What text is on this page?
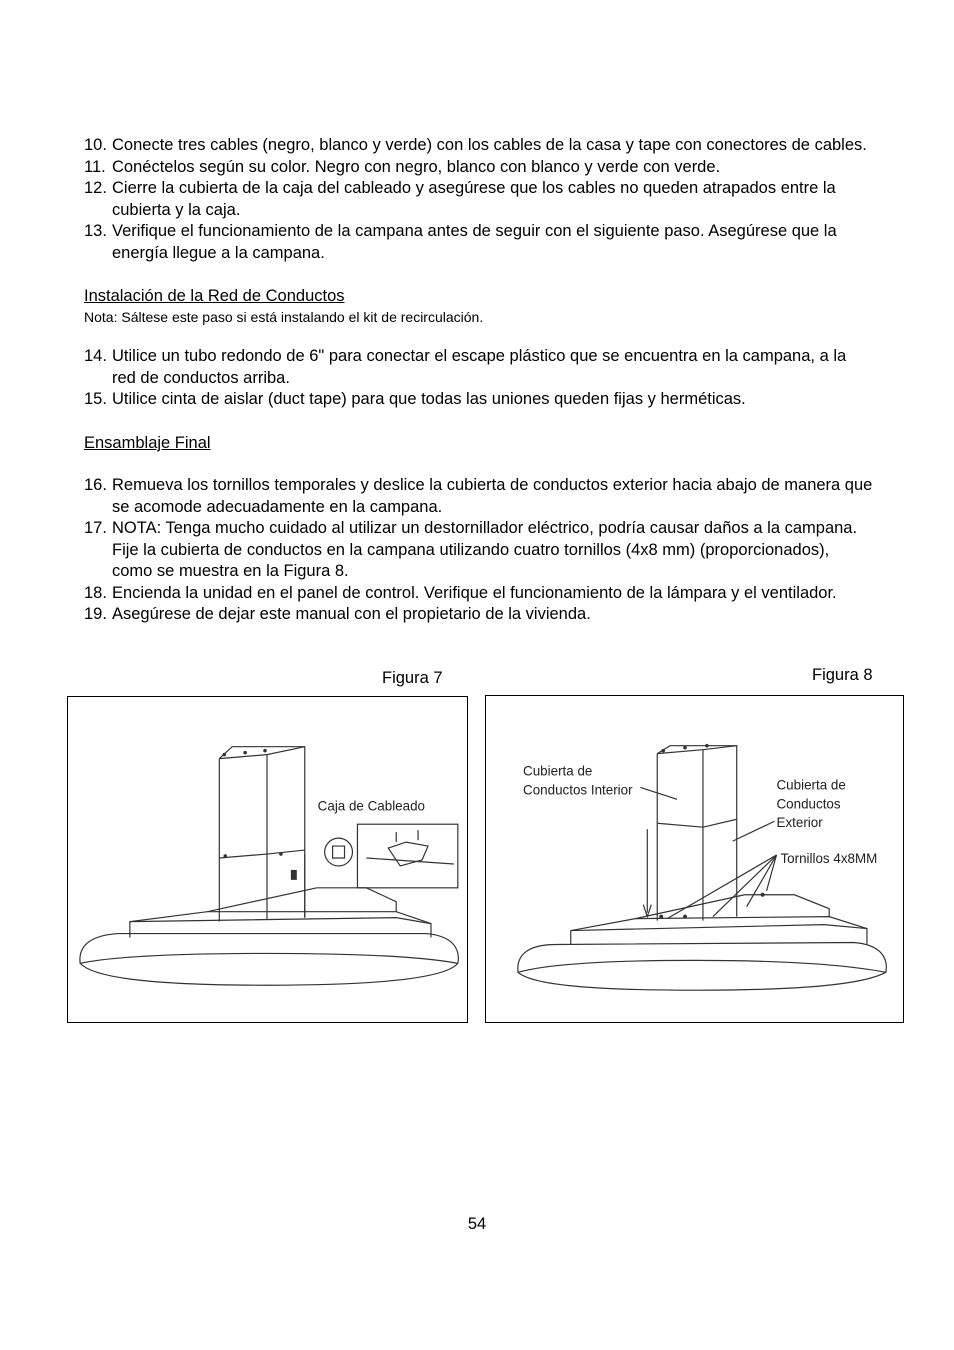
10. Conecte tres cables (negro, blanco y verde) con los cables de la casa y tape con conectores de cables.
11. Conéctelos según su color. Negro con negro, blanco con blanco y verde con verde.
12. Cierre la cubierta de la caja del cableado y asegúrese que los cables no queden atrapados entre la cubierta y la caja.
13. Verifique el funcionamiento de la campana antes de seguir con el siguiente paso. Asegúrese que la energía llegue a la campana.
Instalación de la Red de Conductos
Nota: Sáltese este paso si está instalando el kit de recirculación.
14. Utilice un tubo redondo de 6" para conectar el escape plástico que se encuentra en la campana, a la red de conductos arriba.
15. Utilice cinta de aislar (duct tape) para que todas las uniones queden fijas y herméticas.
Ensamblaje Final
16. Remueva los tornillos temporales y deslice la cubierta de conductos exterior hacia abajo de manera que se acomode adecuadamente en la campana.
17. NOTA: Tenga mucho cuidado al utilizar un destornillador eléctrico, podría causar daños a la campana. Fije la cubierta de conductos en la campana utilizando cuatro tornillos (4x8 mm) (proporcionados), como se muestra en la Figura 8.
18. Encienda la unidad en el panel de control. Verifique el funcionamiento de la lámpara y el ventilador.
19. Asegúrese de dejar este manual con el propietario de la vivienda.
Figura 7	Figura 8
Caja de Cableado
Cubierta de
Conductos Interior	Cubierta de
Conductos
Exterior
Tornillos 4x8MM
54
